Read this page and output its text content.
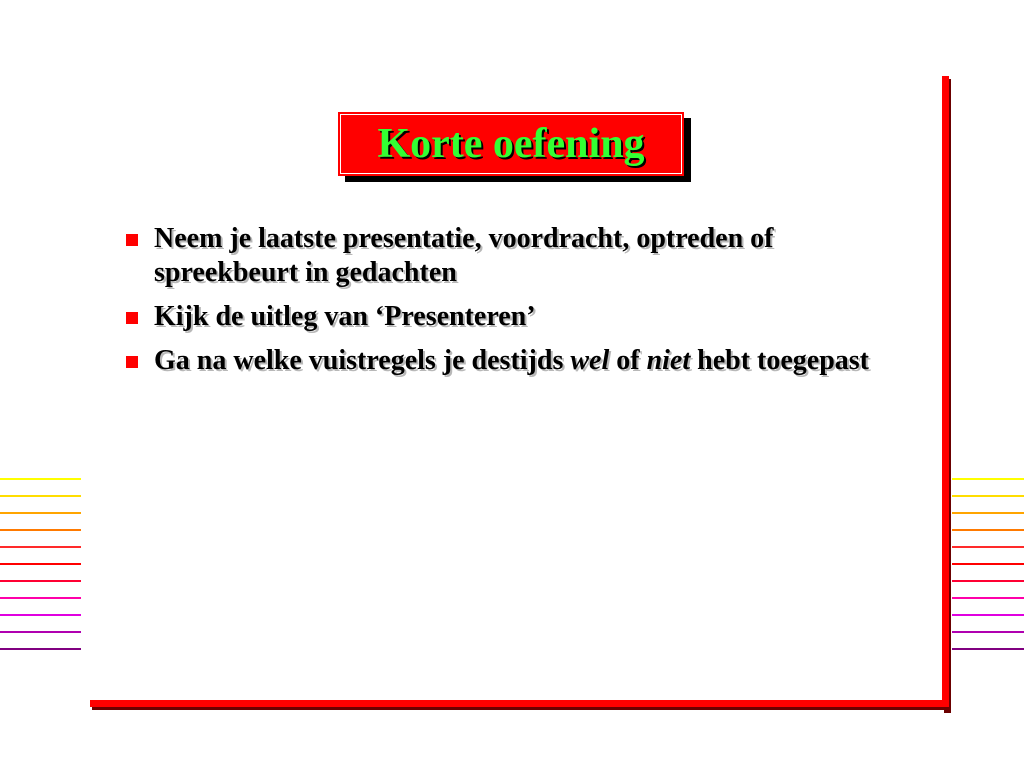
Korte oefening
Neem je laatste presentatie, voordracht, optreden of spreekbeurt in gedachten
Kijk de uitleg van ‘Presenteren’
Ga na welke vuistregels je destijds wel of niet hebt toegepast
